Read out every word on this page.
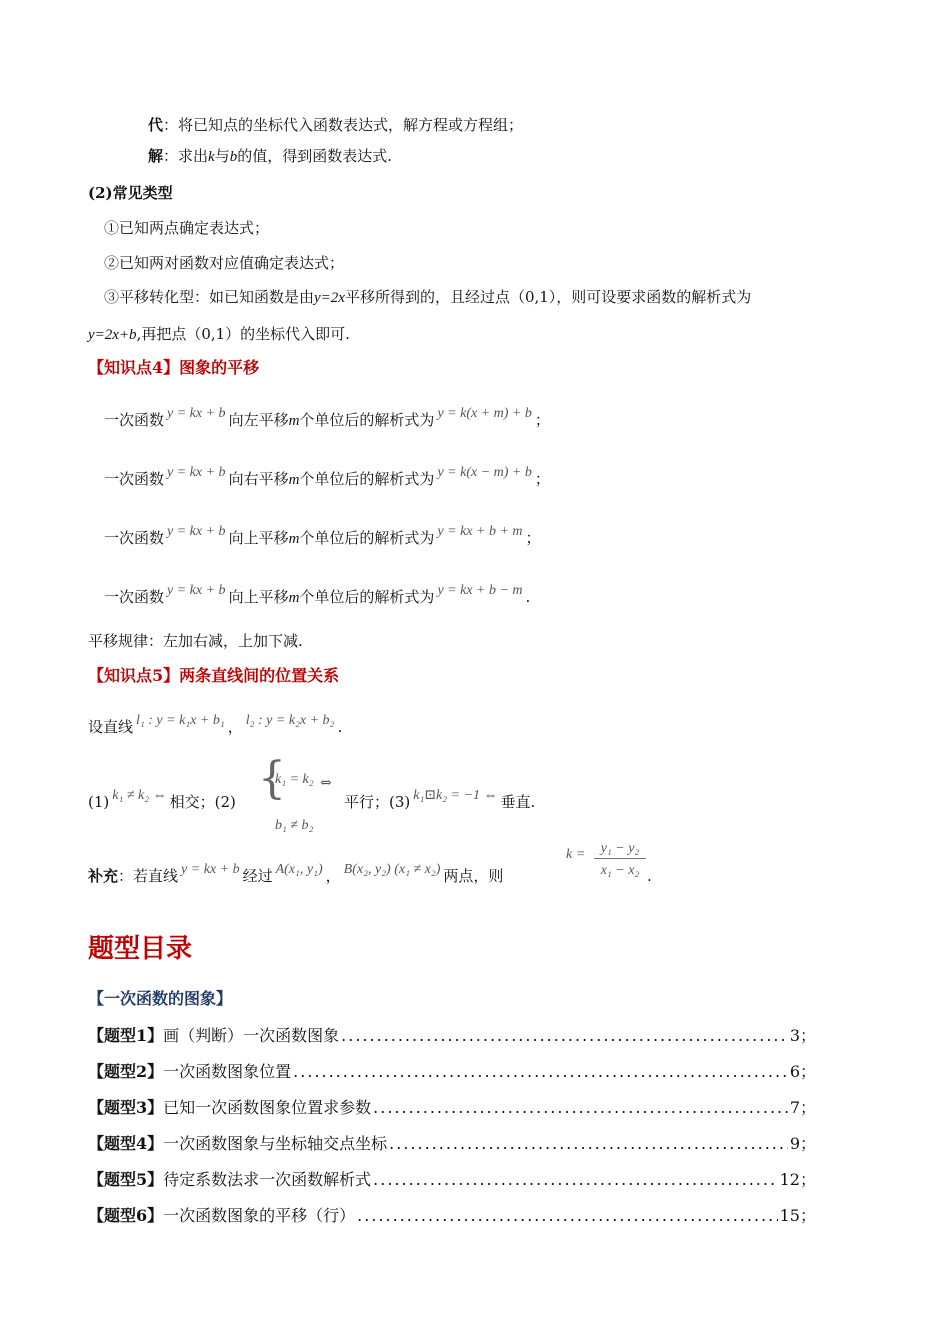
代：将已知点的坐标代入函数表达式，解方程或方程组；
解：求出k与b的值，得到函数表达式.
(2)常见类型
①已知两点确定表达式；
②已知两对函数对应值确定表达式；
③平移转化型：如已知函数是由y=2x平移所得到的，且经过点（0,1），则可设要求函数的解析式为
y=2x+b,再把点（0,1）的坐标代入即可.
【知识点4】图象的平移
一次函数 y = kx + b 向左平移m个单位后的解析式为 y = k(x + m) + b ；
一次函数 y = kx + b 向右平移m个单位后的解析式为 y = k(x − m) + b ；
一次函数 y = kx + b 向上平移m个单位后的解析式为 y = kx + b + m ；
一次函数 y = kx + b 向上平移m个单位后的解析式为 y = kx + b − m .
平移规律：左加右减，上加下减.
【知识点5】两条直线间的位置关系
设直线 l₁ : y = k₁x + b₁ ， l₂ : y = k₂x + b₂ .
(1) k₁ ≠ k₂ ⇔ 相交；(2) {
k₁ = k₂
b₁ ≠ b₂
⇔
平行；(3) k₁⊡k₂ = −1 ⇔ 垂直.
补充：若直线 y = kx + b 经过 A(x₁, y₁) ， B(x₂, y₂) (x₁ ≠ x₂) 两点，则
k =	y₁ − y₂
x₁ − x₂ .
题型目录
【一次函数的图象】
【题型1】 画（判断）一次函数图象 .....	3；
【题型2】 一次函数图象位置 .....	6；
【题型3】 已知一次函数图象位置求参数 .....	7；
【题型4】 一次函数图象与坐标轴交点坐标 .....	9；
【题型5】 待定系数法求一次函数解析式 .....	12；
【题型6】 一次函数图象的平移（行） .....	15；
